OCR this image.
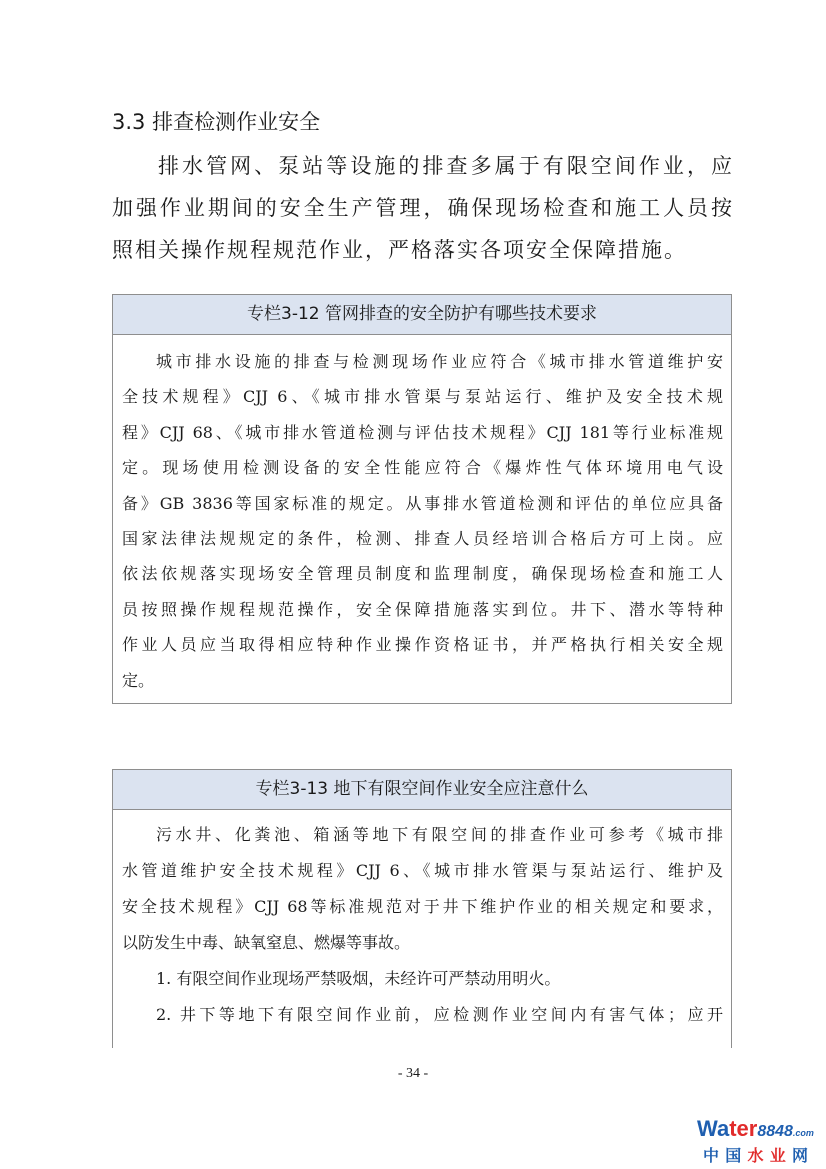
3.3 排查检测作业安全
排水管网、泵站等设施的排查多属于有限空间作业，应
加强作业期间的安全生产管理，确保现场检查和施工人员按
照相关操作规程规范作业，严格落实各项安全保障措施。
专栏3-12 管网排查的安全防护有哪些技术要求
城市排水设施的排查与检测现场作业应符合《城市排水管道维护安
全技术规程》CJJ 6、《城市排水管渠与泵站运行、维护及安全技术规
程》CJJ 68、《城市排水管道检测与评估技术规程》CJJ 181等行业标准规
定。现场使用检测设备的安全性能应符合《爆炸性气体环境用电气设
备》GB 3836等国家标准的规定。从事排水管道检测和评估的单位应具备
国家法律法规规定的条件，检测、排查人员经培训合格后方可上岗。应
依法依规落实现场安全管理员制度和监理制度，确保现场检查和施工人
员按照操作规程规范操作，安全保障措施落实到位。井下、潜水等特种
作业人员应当取得相应特种作业操作资格证书，并严格执行相关安全规
定。
专栏3-13 地下有限空间作业安全应注意什么
污水井、化粪池、箱涵等地下有限空间的排查作业可参考《城市排
水管道维护安全技术规程》CJJ 6、《城市排水管渠与泵站运行、维护及
安全技术规程》CJJ 68等标准规范对于井下维护作业的相关规定和要求，
以防发生中毒、缺氧窒息、燃爆等事故。
1. 有限空间作业现场严禁吸烟，未经许可严禁动用明火。
2. 井下等地下有限空间作业前，应检测作业空间内有害气体；应开
- 34 -
Water8848.com
中国水业网
